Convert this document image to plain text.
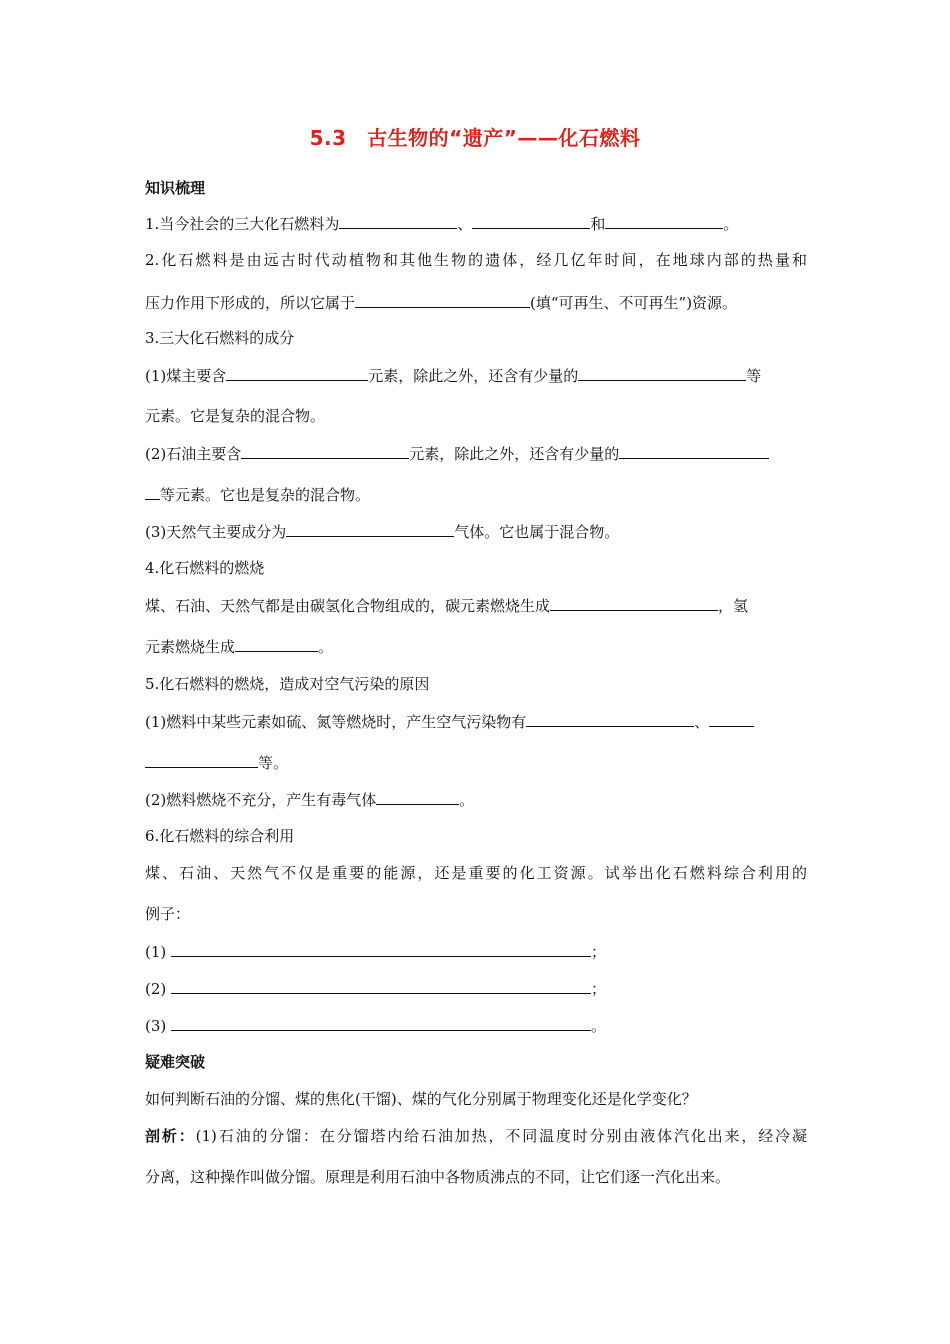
5.3　古生物的“遗产”——化石燃料
知识梳理
1.当今社会的三大化石燃料为	、	和	。
2.化石燃料是由远古时代动植物和其他生物的遗体，经几亿年时间，在地球内部的热量和
压力作用下形成的，所以它属于	(填“可再生、不可再生”)资源。
3.三大化石燃料的成分
(1)煤主要含	元素，除此之外，还含有少量的	等
元素。它是复杂的混合物。
(2)石油主要含	元素，除此之外，还含有少量的
等元素。它也是复杂的混合物。
(3)天然气主要成分为	气体。它也属于混合物。
4.化石燃料的燃烧
煤、石油、天然气都是由碳氢化合物组成的，碳元素燃烧生成	，氢
元素燃烧生成	。
5.化石燃料的燃烧，造成对空气污染的原因
(1)燃料中某些元素如硫、氮等燃烧时，产生空气污染物有	、
等。
(2)燃料燃烧不充分，产生有毒气体	。
6.化石燃料的综合利用
煤、石油、天然气不仅是重要的能源，还是重要的化工资源。试举出化石燃料综合利用的
例子：
(1)	；
(2)	；
(3)	。
疑难突破
如何判断石油的分馏、煤的焦化(干馏)、煤的气化分别属于物理变化还是化学变化？
剖析：(1)石油的分馏：在分馏塔内给石油加热，不同温度时分别由液体汽化出来，经冷凝
分离，这种操作叫做分馏。原理是利用石油中各物质沸点的不同，让它们逐一汽化出来。
